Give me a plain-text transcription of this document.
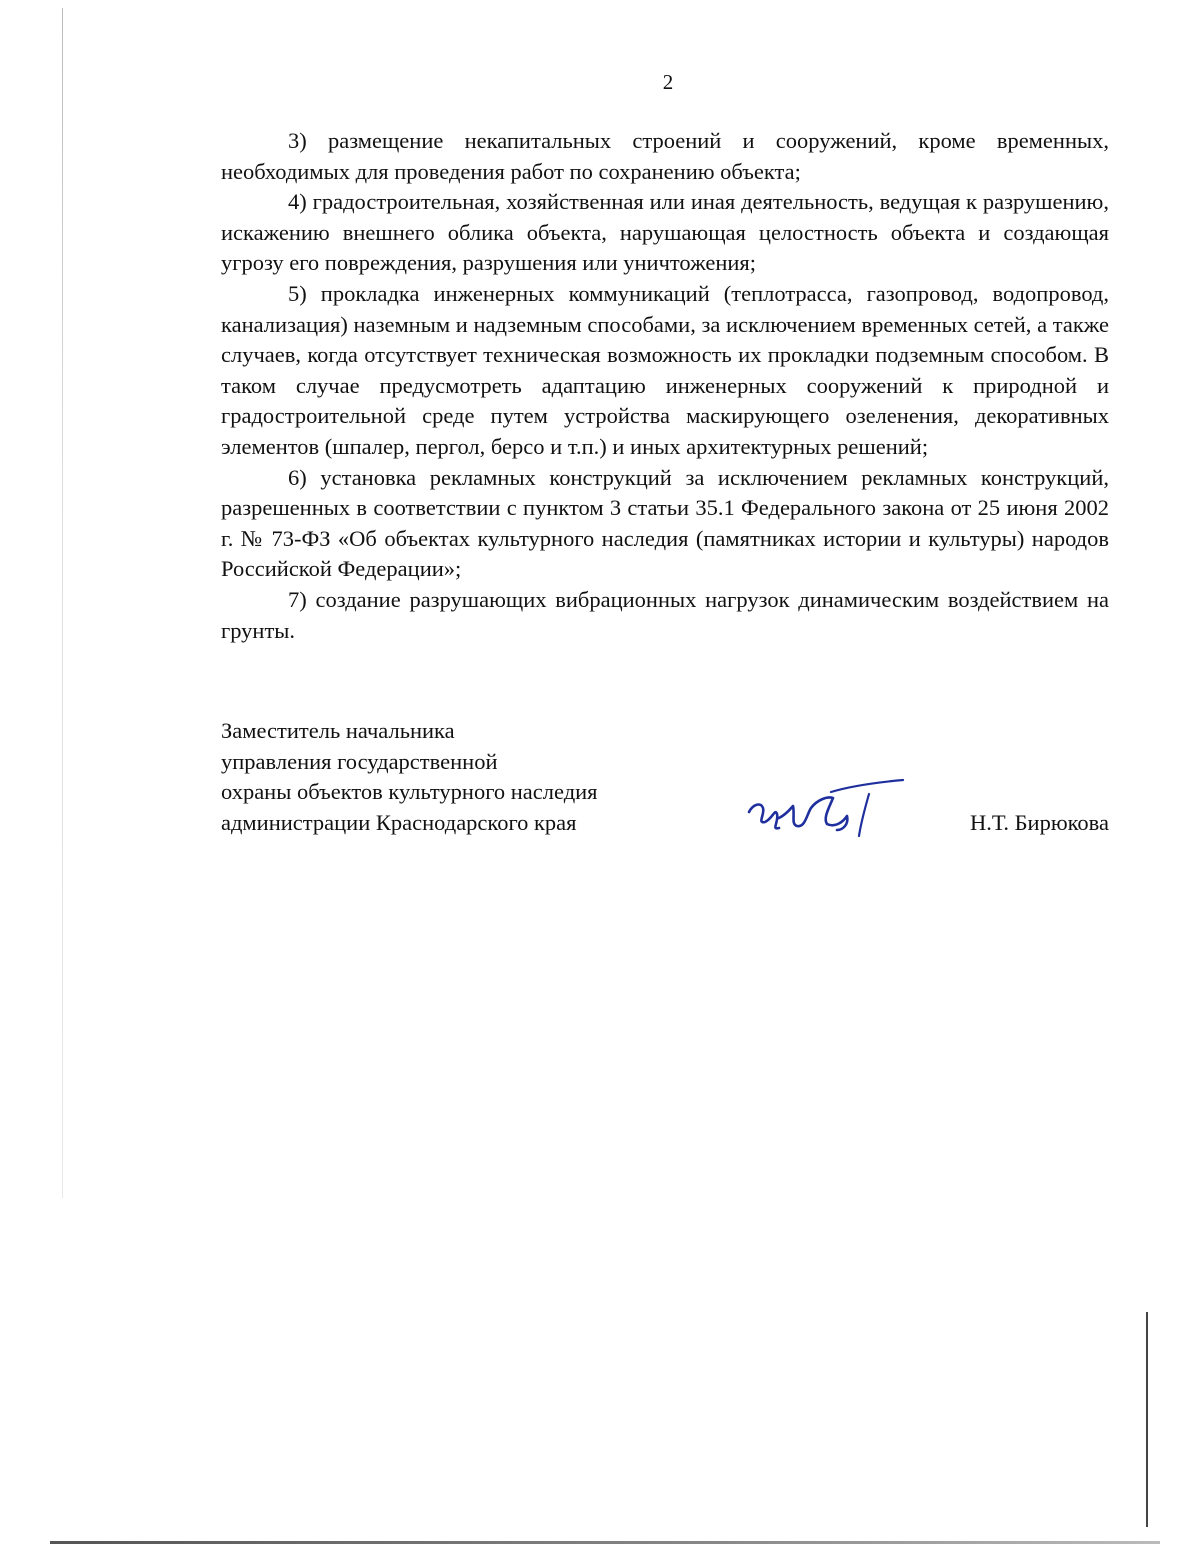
2

3) размещение некапитальных строений и сооружений, кроме временных, необходимых для проведения работ по сохранению объекта;

4) градостроительная, хозяйственная или иная деятельность, ведущая к разрушению, искажению внешнего облика объекта, нарушающая целостность объекта и создающая угрозу его повреждения, разрушения или уничтожения;

5) прокладка инженерных коммуникаций (теплотрасса, газопровод, водопровод, канализация) наземным и надземным способами, за исключением временных сетей, а также случаев, когда отсутствует техническая возможность их прокладки подземным способом. В таком случае предусмотреть адаптацию инженерных сооружений к природной и градостроительной среде путем устройства маскирующего озеленения, декоративных элементов (шпалер, пергол, берсо и т.п.) и иных архитектурных решений;

6) установка рекламных конструкций за исключением рекламных конструкций, разрешенных в соответствии с пунктом 3 статьи 35.1 Федерального закона от 25 июня 2002 г. № 73-ФЗ «Об объектах культурного наследия (памятниках истории и культуры) народов Российской Федерации»;

7) создание разрушающих вибрационных нагрузок динамическим воздействием на грунты.

Заместитель начальника
управления государственной
охраны объектов культурного наследия
администрации Краснодарского края	Н.Т. Бирюкова
